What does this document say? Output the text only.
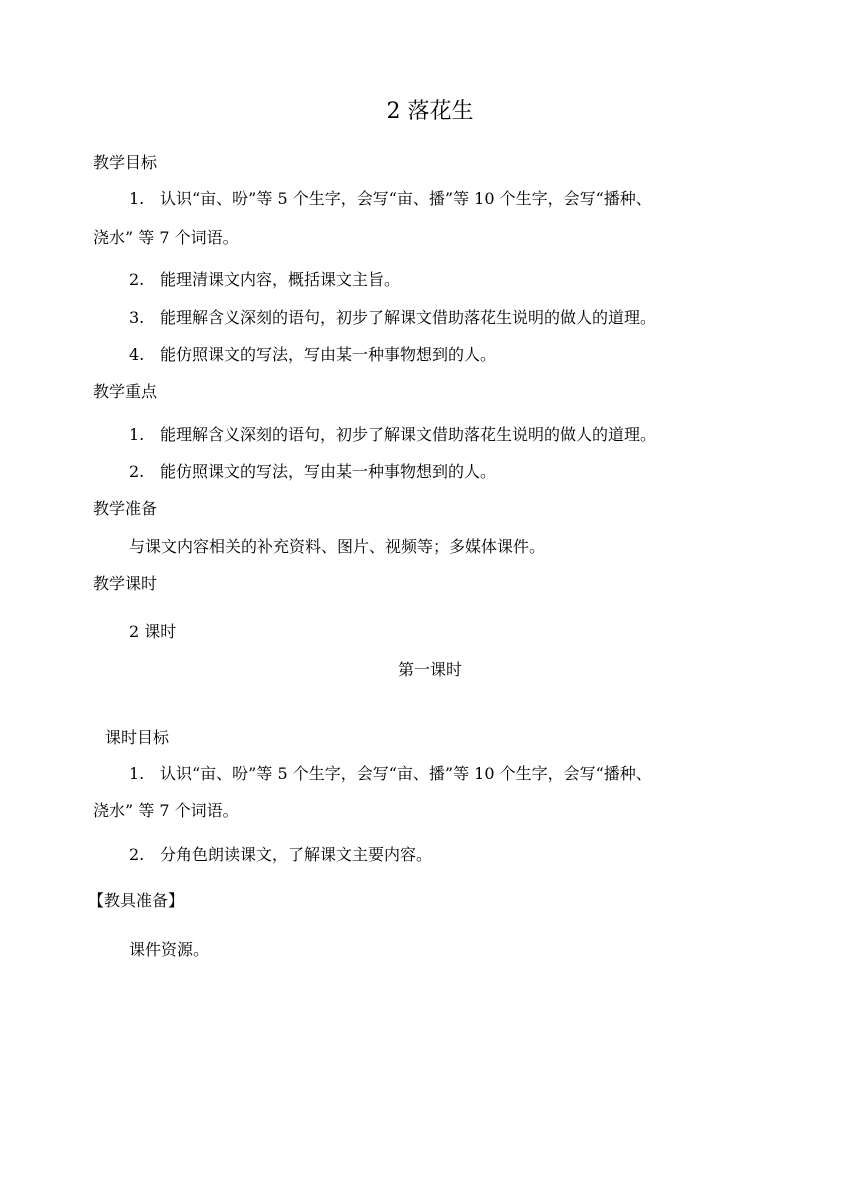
2 落花生
教学目标
1. 认识“亩、吩”等 5 个生字，会写“亩、播”等 10 个生字，会写“播种、
浇水” 等 7 个词语。
2. 能理清课文内容，概括课文主旨。
3. 能理解含义深刻的语句，初步了解课文借助落花生说明的做人的道理。
4. 能仿照课文的写法，写由某一种事物想到的人。
教学重点
1. 能理解含义深刻的语句，初步了解课文借助落花生说明的做人的道理。
2. 能仿照课文的写法，写由某一种事物想到的人。
教学准备
与课文内容相关的补充资料、图片、视频等；多媒体课件。
教学课时
2 课时
第一课时
课时目标
1. 认识“亩、吩”等 5 个生字，会写“亩、播”等 10 个生字，会写“播种、
浇水” 等 7 个词语。
2. 分角色朗读课文，了解课文主要内容。
【教具准备】
课件资源。
